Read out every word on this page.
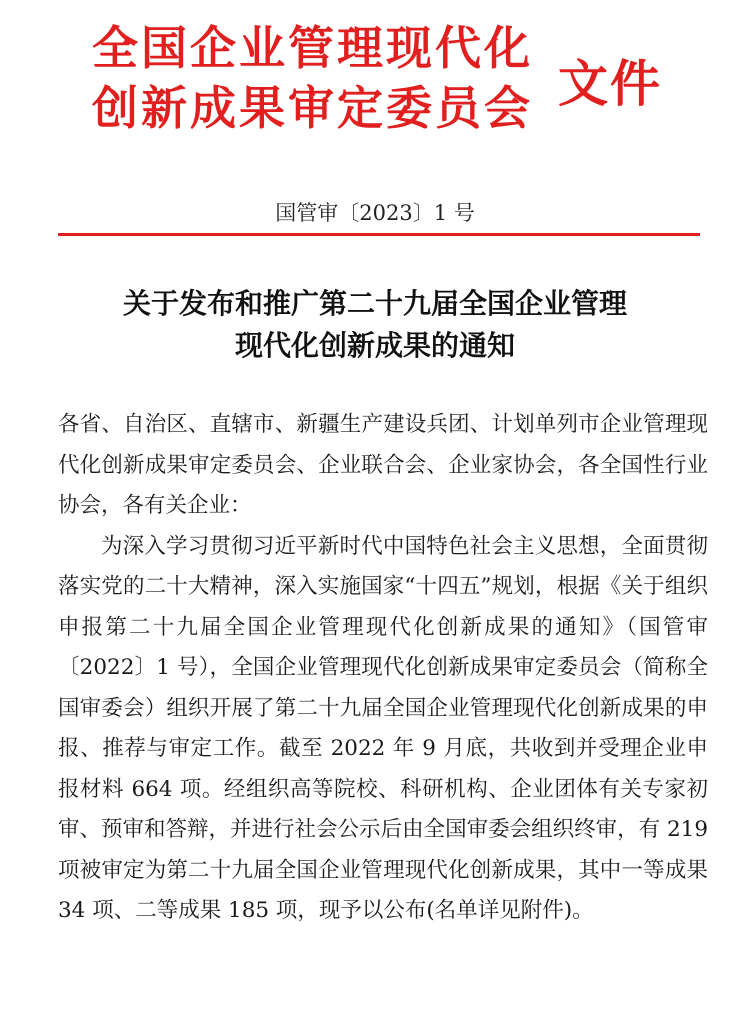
全国企业管理现代化
创新成果审定委员会 文件
国管审〔2023〕1 号
关于发布和推广第二十九届全国企业管理
现代化创新成果的通知

各省、自治区、直辖市、新疆生产建设兵团、计划单列市企业管理现代化创新成果审定委员会、企业联合会、企业家协会，各全国性行业协会，各有关企业：

为深入学习贯彻习近平新时代中国特色社会主义思想，全面贯彻落实党的二十大精神，深入实施国家“十四五”规划，根据《关于组织申报第二十九届全国企业管理现代化创新成果的通知》（国管审〔2022〕1 号），全国企业管理现代化创新成果审定委员会（简称全国审委会）组织开展了第二十九届全国企业管理现代化创新成果的申报、推荐与审定工作。截至 2022 年 9 月底，共收到并受理企业申报材料 664 项。经组织高等院校、科研机构、企业团体有关专家初审、预审和答辩，并进行社会公示后由全国审委会组织终审，有 219 项被审定为第二十九届全国企业管理现代化创新成果，其中一等成果 34 项、二等成果 185 项，现予以公布(名单详见附件)。
